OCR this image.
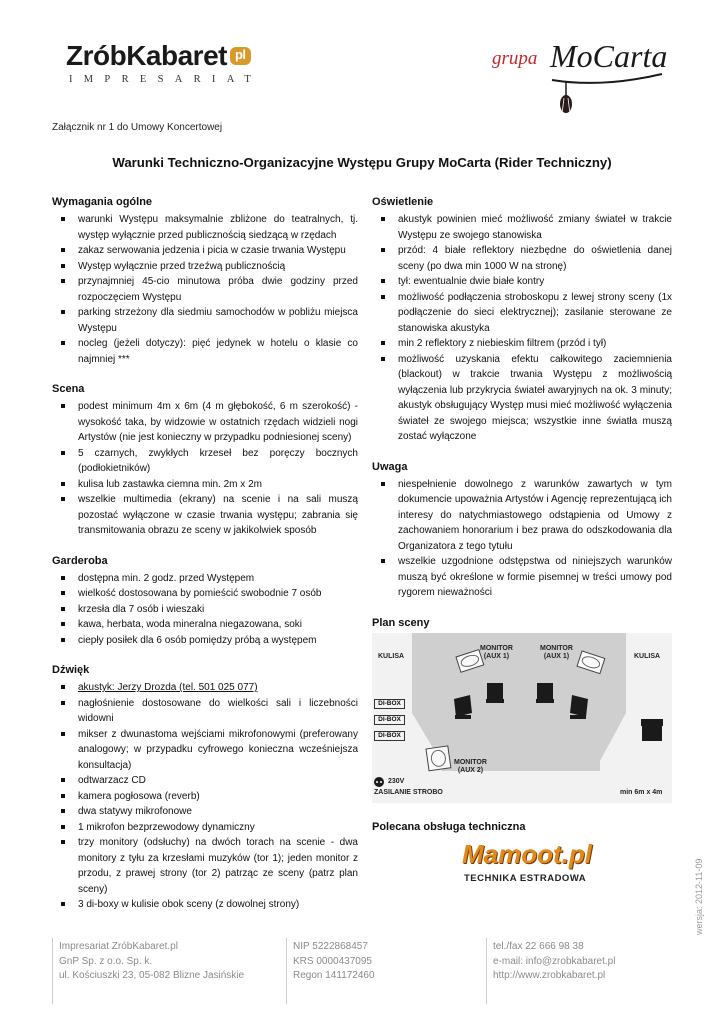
ZróbKabaret pl
IMPRESARIAT
grupa MoCarta
Załącznik nr 1 do Umowy Koncertowej
Warunki Techniczno-Organizacyjne Występu Grupy MoCarta (Rider Techniczny)
Wymagania ogólne
warunki Występu maksymalnie zbliżone do teatralnych, tj. występ wyłącznie przed publicznością siedzącą w rzędach
zakaz serwowania jedzenia i picia w czasie trwania Występu
Występ wyłącznie przed trzeźwą publicznością
przynajmniej 45-cio minutowa próba dwie godziny przed rozpoczęciem Występu
parking strzeżony dla siedmiu samochodów w pobliżu miejsca Występu
nocleg (jeżeli dotyczy): pięć jedynek w hotelu o klasie co najmniej ***
Scena
podest minimum 4m x 6m (4 m głębokość, 6 m szerokość) - wysokość taka, by widzowie w ostatnich rzędach widzieli nogi Artystów (nie jest konieczny w przypadku podniesionej sceny)
5 czarnych, zwykłych krzeseł bez poręczy bocznych (podłokietników)
kulisa lub zastawka ciemna min. 2m x 2m
wszelkie multimedia (ekrany) na scenie i na sali muszą pozostać wyłączone w czasie trwania występu; zabrania się transmitowania obrazu ze sceny w jakikolwiek sposób
Garderoba
dostępna min. 2 godz. przed Występem
wielkość dostosowana by pomieścić swobodnie 7 osób
krzesła dla 7 osób i wieszaki
kawa, herbata, woda mineralna niegazowana, soki
ciepły posiłek dla 6 osób pomiędzy próbą a występem
Dźwięk
akustyk: Jerzy Drozda (tel. 501 025 077)
nagłośnienie dostosowane do wielkości sali i liczebności widowni
mikser z dwunastoma wejściami mikrofonowymi (preferowany analogowy; w przypadku cyfrowego konieczna wcześniejsza konsultacja)
odtwarzacz CD
kamera pogłosowa (reverb)
dwa statywy mikrofonowe
1 mikrofon bezprzewodowy dynamiczny
trzy monitory (odsłuchy) na dwóch torach na scenie - dwa monitory z tyłu za krzesłami muzyków (tor 1); jeden monitor z przodu, z prawej strony (tor 2) patrząc ze sceny (patrz plan sceny)
3 di-boxy w kulisie obok sceny (z dowolnej strony)
Oświetlenie
akustyk powinien mieć możliwość zmiany świateł w trakcie Występu ze swojego stanowiska
przód: 4 białe reflektory niezbędne do oświetlenia danej sceny (po dwa min 1000 W na stronę)
tył: ewentualnie dwie białe kontry
możliwość podłączenia stroboskopu z lewej strony sceny (1x podłączenie do sieci elektrycznej); zasilanie sterowane ze stanowiska akustyka
min 2 reflektory z niebieskim filtrem (przód i tył)
możliwość uzyskania efektu całkowitego zaciemnienia (blackout) w trakcie trwania Występu z możliwością wyłączenia lub przykrycia świateł awaryjnych na ok. 3 minuty; akustyk obsługujący Występ musi mieć możliwość wyłączenia świateł ze swojego miejsca; wszystkie inne światła muszą zostać wyłączone
Uwaga
niespełnienie dowolnego z warunków zawartych w tym dokumencie upoważnia Artystów i Agencję reprezentującą ich interesy do natychmiastowego odstąpienia od Umowy z zachowaniem honorarium i bez prawa do odszkodowania dla Organizatora z tego tytułu
wszelkie uzgodnione odstępstwa od niniejszych warunków muszą być określone w formie pisemnej w treści umowy pod rygorem nieważności
Plan sceny
KULISA	KULISA
MONITOR
(AUX 1)
MONITOR
(AUX 1)
MONITOR
(AUX 2)
DI-BOX
DI-BOX
DI-BOX
230V
ZASILANIE STROBO	min 6m x 4m
Polecana obsługa techniczna
Mamoot.pl
TECHNIKA ESTRADOWA	wersja: 2012-11-09
Impresariat ZróbKabaret.pl
GnP Sp. z o.o. Sp. k.
ul. Kościuszki 23, 05-082 Blizne Jasińskie
NIP 5222868457
KRS 0000437095
Regon 141172460
tel./fax 22 666 98 38
e-mail: info@zrobkabaret.pl
http://www.zrobkabaret.pl
